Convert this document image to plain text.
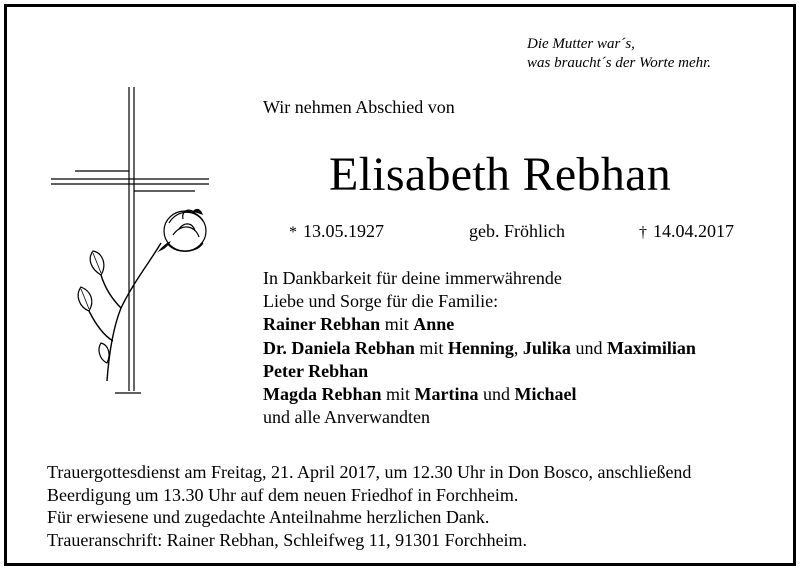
Die Mutter war´s,
was braucht´s der Worte mehr.
Wir nehmen Abschied von
Elisabeth Rebhan
* 13.05.1927	geb. Fröhlich	† 14.04.2017
In Dankbarkeit für deine immerwährende
Liebe und Sorge für die Familie:
Rainer Rebhan mit Anne
Dr. Daniela Rebhan mit Henning, Julika und Maximilian
Peter Rebhan
Magda Rebhan mit Martina und Michael
und alle Anverwandten
Trauergottesdienst am Freitag, 21. April 2017, um 12.30 Uhr in Don Bosco, anschließend
Beerdigung um 13.30 Uhr auf dem neuen Friedhof in Forchheim.
Für erwiesene und zugedachte Anteilnahme herzlichen Dank.
Traueranschrift: Rainer Rebhan, Schleifweg 11, 91301 Forchheim.
